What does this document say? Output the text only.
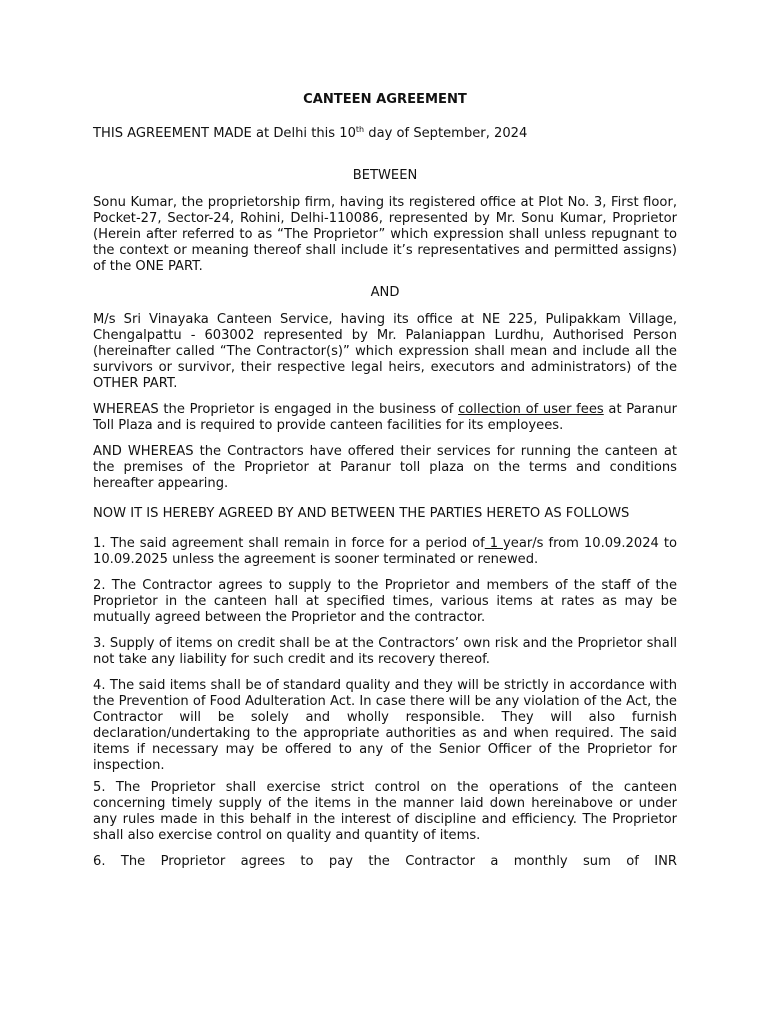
CANTEEN AGREEMENT

THIS AGREEMENT MADE at Delhi this 10th day of September, 2024

BETWEEN

Sonu Kumar, the proprietorship firm, having its registered office at Plot No. 3, First floor, Pocket-27, Sector-24, Rohini, Delhi-110086, represented by Mr. Sonu Kumar, Proprietor (Herein after referred to as “The Proprietor” which expression shall unless repugnant to the context or meaning thereof shall include it’s representatives and permitted assigns) of the ONE PART.

AND

M/s Sri Vinayaka Canteen Service, having its office at NE 225, Pulipakkam Village, Chengalpattu - 603002 represented by Mr. Palaniappan Lurdhu, Authorised Person (hereinafter called “The Contractor(s)” which expression shall mean and include all the survivors or survivor, their respective legal heirs, executors and administrators) of the OTHER PART.

WHEREAS the Proprietor is engaged in the business of collection of user fees at Paranur Toll Plaza and is required to provide canteen facilities for its employees.

AND WHEREAS the Contractors have offered their services for running the canteen at the premises of the Proprietor at Paranur toll plaza on the terms and conditions hereafter appearing.

NOW IT IS HEREBY AGREED BY AND BETWEEN THE PARTIES HERETO AS FOLLOWS

1. The said agreement shall remain in force for a period of 1 year/s from 10.09.2024 to 10.09.2025 unless the agreement is sooner terminated or renewed.

2. The Contractor agrees to supply to the Proprietor and members of the staff of the Proprietor in the canteen hall at specified times, various items at rates as may be mutually agreed between the Proprietor and the contractor.

3. Supply of items on credit shall be at the Contractors’ own risk and the Proprietor shall not take any liability for such credit and its recovery thereof.

4. The said items shall be of standard quality and they will be strictly in accordance with the Prevention of Food Adulteration Act. In case there will be any violation of the Act, the Contractor will be solely and wholly responsible. They will also furnish declaration/undertaking to the appropriate authorities as and when required. The said items if necessary may be offered to any of the Senior Officer of the Proprietor for inspection.

5. The Proprietor shall exercise strict control on the operations of the canteen concerning timely supply of the items in the manner laid down hereinabove or under any rules made in this behalf in the interest of discipline and efficiency. The Proprietor shall also exercise control on quality and quantity of items.

6. The Proprietor agrees to pay the Contractor a monthly sum of INR
